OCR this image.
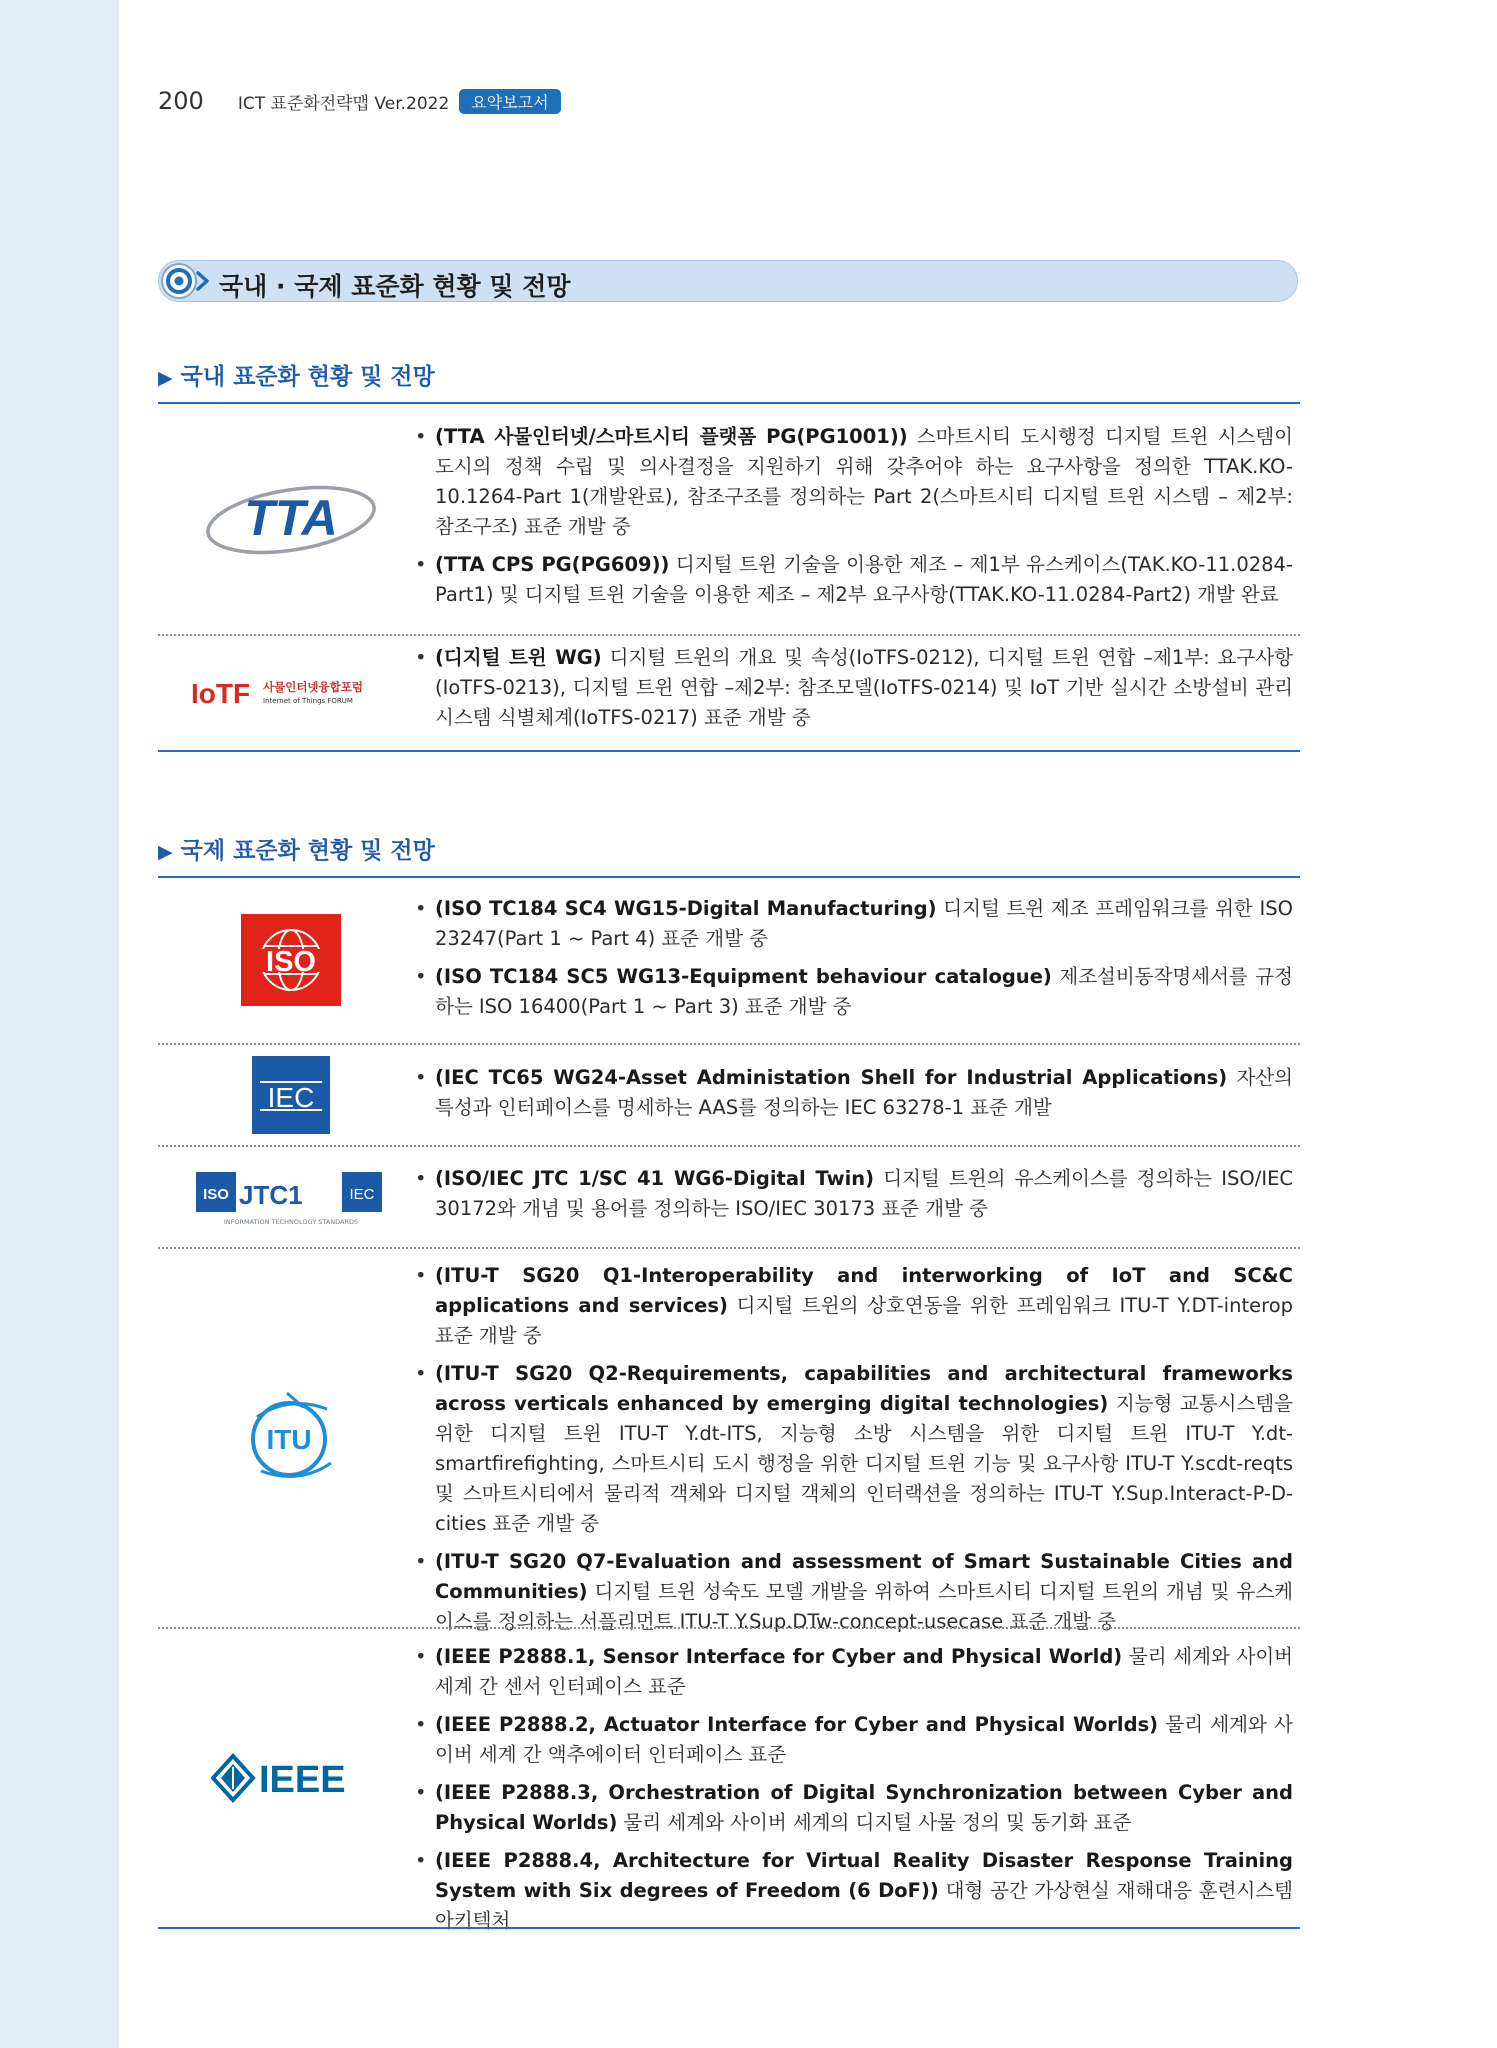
200 ICT 표준화전략맵 Ver.2022	요약보고서
국내 · 국제 표준화 현황 및 전망
▶ 국내 표준화 현황 및 전망
TTA
• (TTA 사물인터넷/스마트시티 플랫폼 PG(PG1001)) 스마트시티 도시행정 디지털 트윈 시스템이 도시의 정책 수립 및 의사결정을 지원하기 위해 갖추어야 하는 요구사항을 정의한 TTAK.KO-10.1264-Part 1(개발완료), 참조구조를 정의하는 Part 2(스마트시티 디지털 트윈 시스템 – 제2부: 참조구조) 표준 개발 중
• (TTA CPS PG(PG609)) 디지털 트윈 기술을 이용한 제조 – 제1부 유스케이스(TAK.KO-11.0284-Part1) 및 디지털 트윈 기술을 이용한 제조 – 제2부 요구사항(TTAK.KO-11.0284-Part2) 개발 완료
IoTF 사물인터넷융합포럼
Internet of Things FORUM
• (디지털 트윈 WG) 디지털 트윈의 개요 및 속성(IoTFS-0212), 디지털 트윈 연합 –제1부: 요구사항(IoTFS-0213), 디지털 트윈 연합 –제2부: 참조모델(IoTFS-0214) 및 IoT 기반 실시간 소방설비 관리시스템 식별체계(IoTFS-0217) 표준 개발 중
▶ 국제 표준화 현황 및 전망
ISO
• (ISO TC184 SC4 WG15-Digital Manufacturing) 디지털 트윈 제조 프레임워크를 위한 ISO 23247(Part 1 ~ Part 4) 표준 개발 중
• (ISO TC184 SC5 WG13-Equipment behaviour catalogue) 제조설비동작명세서를 규정하는 ISO 16400(Part 1 ~ Part 3) 표준 개발 중
IEC
• (IEC TC65 WG24-Asset Administation Shell for Industrial Applications) 자산의 특성과 인터페이스를 명세하는 AAS를 정의하는 IEC 63278-1 표준 개발
ISO JTC1	IEC
INFORMATION TECHNOLOGY STANDARDS
• (ISO/IEC JTC 1/SC 41 WG6-Digital Twin) 디지털 트윈의 유스케이스를 정의하는 ISO/IEC 30172와 개념 및 용어를 정의하는 ISO/IEC 30173 표준 개발 중
ITU
• (ITU-T SG20 Q1-Interoperability and interworking of IoT and SC&C applications and services) 디지털 트윈의 상호연동을 위한 프레임워크 ITU-T Y.DT-interop 표준 개발 중
• (ITU-T SG20 Q2-Requirements, capabilities and architectural frameworks across verticals enhanced by emerging digital technologies) 지능형 교통시스템을 위한 디지털 트윈 ITU-T Y.dt-ITS, 지능형 소방 시스템을 위한 디지털 트윈 ITU-T Y.dt-smartfirefighting, 스마트시티 도시 행정을 위한 디지털 트윈 기능 및 요구사항 ITU-T Y.scdt-reqts 및 스마트시티에서 물리적 객체와 디지털 객체의 인터랙션을 정의하는 ITU-T Y.Sup.Interact-P-D-cities 표준 개발 중
• (ITU-T SG20 Q7-Evaluation and assessment of Smart Sustainable Cities and Communities) 디지털 트윈 성숙도 모델 개발을 위하여 스마트시티 디지털 트윈의 개념 및 유스케이스를 정의하는 서플리먼트 ITU-T Y.Sup.DTw-concept-usecase 표준 개발 중
IEEE
• (IEEE P2888.1, Sensor Interface for Cyber and Physical World) 물리 세계와 사이버 세계 간 센서 인터페이스 표준
• (IEEE P2888.2, Actuator Interface for Cyber and Physical Worlds) 물리 세계와 사이버 세계 간 액추에이터 인터페이스 표준
• (IEEE P2888.3, Orchestration of Digital Synchronization between Cyber and Physical Worlds) 물리 세계와 사이버 세계의 디지털 사물 정의 및 동기화 표준
• (IEEE P2888.4, Architecture for Virtual Reality Disaster Response Training System with Six degrees of Freedom (6 DoF)) 대형 공간 가상현실 재해대응 훈련시스템 아키텍처
